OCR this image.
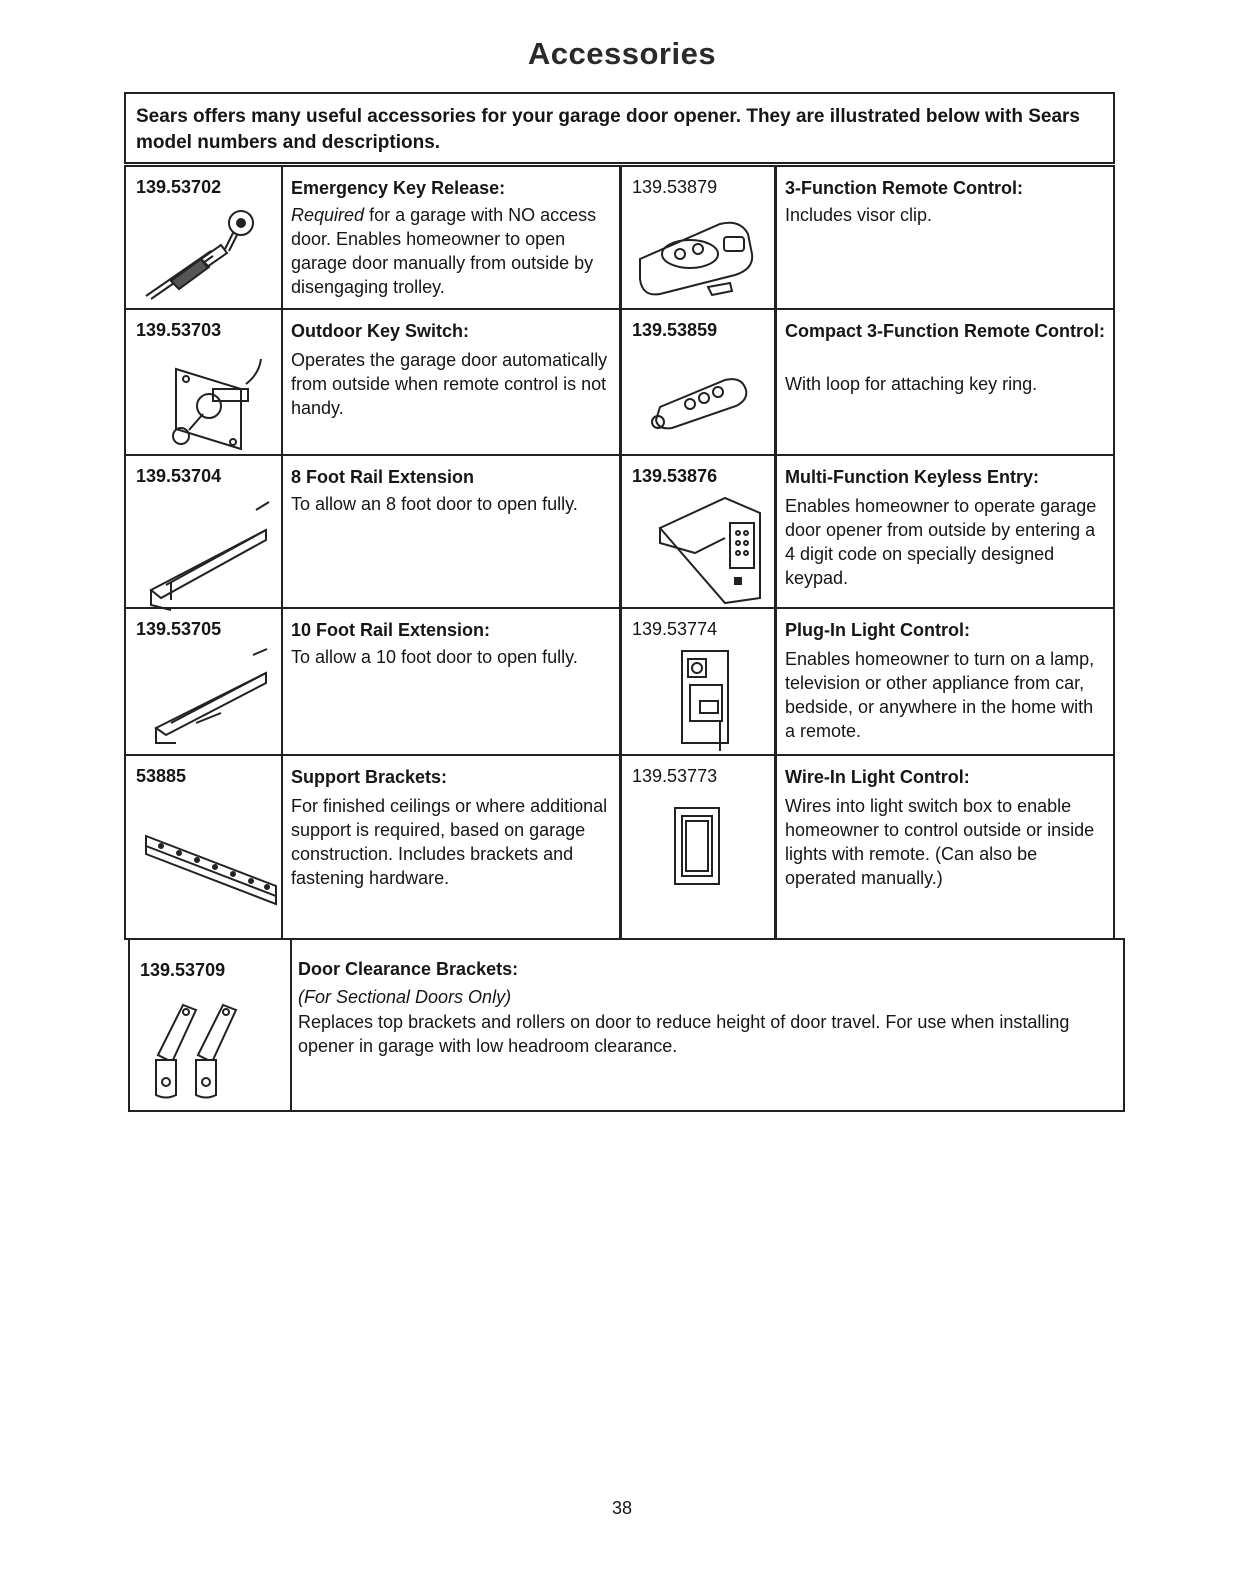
Accessories
Sears offers many useful accessories for your garage door opener. They are illustrated below with Sears model numbers and descriptions.
139.53702	Emergency Key Release:
Required for a garage with NO access door. Enables homeowner to open garage door manually from outside by disengaging trolley.
139.53879	3-Function Remote Control:
Includes visor clip.
139.53703	Outdoor Key Switch:
Operates the garage door automatically from outside when remote control is not handy.
139.53859	Compact 3-Function Remote Control:
With loop for attaching key ring.
139.53704	8 Foot Rail Extension
To allow an 8 foot door to open fully.
139.53876	Multi-Function Keyless Entry:
Enables homeowner to operate garage door opener from outside by entering a 4 digit code on specially designed keypad.
139.53705	10 Foot Rail Extension:
To allow a 10 foot door to open fully.
139.53774	Plug-In Light Control:
Enables homeowner to turn on a lamp, television or other appliance from car, bedside, or anywhere in the home with a remote.
53885	Support Brackets:
For finished ceilings or where additional support is required, based on garage construction. Includes brackets and fastening hardware.
139.53773	Wire-In Light Control:
Wires into light switch box to enable homeowner to control outside or inside lights with remote. (Can also be operated manually.)
139.53709	Door Clearance Brackets:
(For Sectional Doors Only)
Replaces top brackets and rollers on door to reduce height of door travel. For use when installing opener in garage with low headroom clearance.
38
